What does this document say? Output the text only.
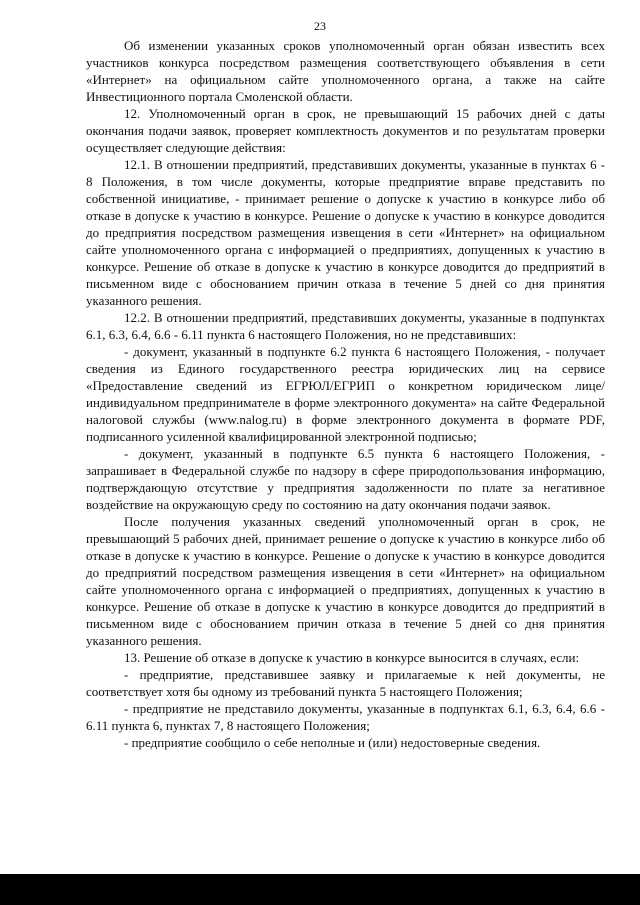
23

Об изменении указанных сроков уполномоченный орган обязан известить всех участников конкурса посредством размещения соответствующего объявления в сети «Интернет» на официальном сайте уполномоченного органа, а также на сайте Инвестиционного портала Смоленской области.

12. Уполномоченный орган в срок, не превышающий 15 рабочих дней с даты окончания подачи заявок, проверяет комплектность документов и по результатам проверки осуществляет следующие действия:

12.1. В отношении предприятий, представивших документы, указанные в пунктах 6 - 8 Положения, в том числе документы, которые предприятие вправе представить по собственной инициативе, - принимает решение о допуске к участию в конкурсе либо об отказе в допуске к участию в конкурсе. Решение о допуске к участию в конкурсе доводится до предприятия посредством размещения извещения в сети «Интернет» на официальном сайте уполномоченного органа с информацией о предприятиях, допущенных к участию в конкурсе. Решение об отказе в допуске к участию в конкурсе доводится до предприятий в письменном виде с обоснованием причин отказа в течение 5 дней со дня принятия указанного решения.

12.2. В отношении предприятий, представивших документы, указанные в подпунктах 6.1, 6.3, 6.4, 6.6 - 6.11 пункта 6 настоящего Положения, но не представивших:

- документ, указанный в подпункте 6.2 пункта 6 настоящего Положения, - получает сведения из Единого государственного реестра юридических лиц на сервисе «Предоставление сведений из ЕГРЮЛ/ЕГРИП о конкретном юридическом лице/индивидуальном предпринимателе в форме электронного документа» на сайте Федеральной налоговой службы (www.nalog.ru) в форме электронного документа в формате PDF, подписанного усиленной квалифицированной электронной подписью;

- документ, указанный в подпункте 6.5 пункта 6 настоящего Положения, - запрашивает в Федеральной службе по надзору в сфере природопользования информацию, подтверждающую отсутствие у предприятия задолженности по плате за негативное воздействие на окружающую среду по состоянию на дату окончания подачи заявок.

После получения указанных сведений уполномоченный орган в срок, не превышающий 5 рабочих дней, принимает решение о допуске к участию в конкурсе либо об отказе в допуске к участию в конкурсе. Решение о допуске к участию в конкурсе доводится до предприятий посредством размещения извещения в сети «Интернет» на официальном сайте уполномоченного органа с информацией о предприятиях, допущенных к участию в конкурсе. Решение об отказе в допуске к участию в конкурсе доводится до предприятий в письменном виде с обоснованием причин отказа в течение 5 дней со дня принятия указанного решения.

13. Решение об отказе в допуске к участию в конкурсе выносится в случаях, если:

- предприятие, представившее заявку и прилагаемые к ней документы, не соответствует хотя бы одному из требований пункта 5 настоящего Положения;

- предприятие не представило документы, указанные в подпунктах 6.1, 6.3, 6.4, 6.6 - 6.11 пункта 6, пунктах 7, 8 настоящего Положения;

- предприятие сообщило о себе неполные и (или) недостоверные сведения.
